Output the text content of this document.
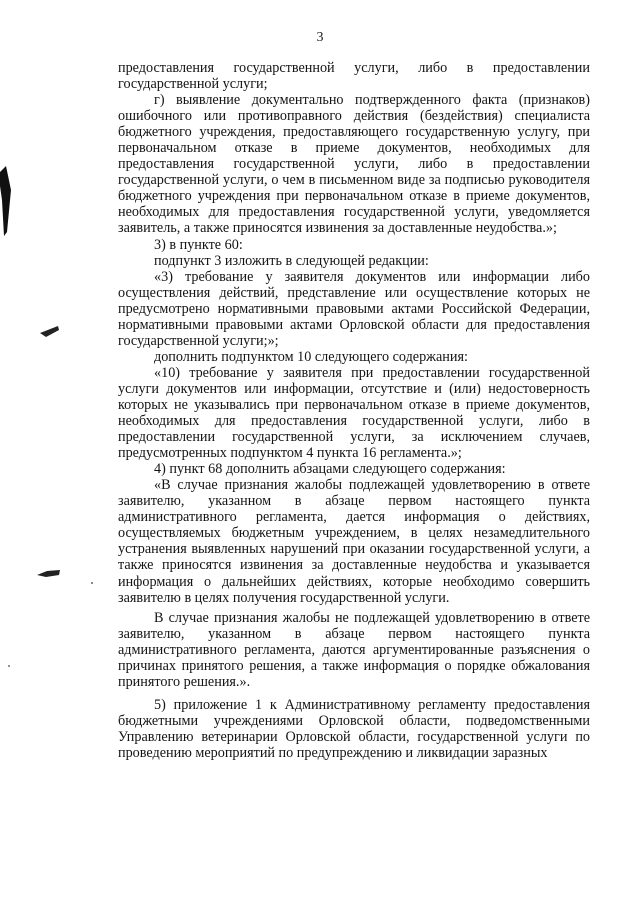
3

предоставления государственной услуги, либо в предоставлении государственной услуги;

г) выявление документально подтвержденного факта (признаков) ошибочного или противоправного действия (бездействия) специалиста бюджетного учреждения, предоставляющего государственную услугу, при первоначальном отказе в приеме документов, необходимых для предоставления государственной услуги, либо в предоставлении государственной услуги, о чем в письменном виде за подписью руководителя бюджетного учреждения при первоначальном отказе в приеме документов, необходимых для предоставления государственной услуги, уведомляется заявитель, а также приносятся извинения за доставленные неудобства.»;

3) в пункте 60:

подпункт 3 изложить в следующей редакции:

«3) требование у заявителя документов или информации либо осуществления действий, представление или осуществление которых не предусмотрено нормативными правовыми актами Российской Федерации, нормативными правовыми актами Орловской области для предоставления государственной услуги;»;

дополнить подпунктом 10 следующего содержания:

«10) требование у заявителя при предоставлении государственной услуги документов или информации, отсутствие и (или) недостоверность которых не указывались при первоначальном отказе в приеме документов, необходимых для предоставления государственной услуги, либо в предоставлении государственной услуги, за исключением случаев, предусмотренных подпунктом 4 пункта 16 регламента.»;

4) пункт 68 дополнить абзацами следующего содержания:

«В случае признания жалобы подлежащей удовлетворению в ответе заявителю, указанном в абзаце первом настоящего пункта административного регламента, дается информация о действиях, осуществляемых бюджетным учреждением, в целях незамедлительного устранения выявленных нарушений при оказании государственной услуги, а также приносятся извинения за доставленные неудобства и указывается информация о дальнейших действиях, которые необходимо совершить заявителю в целях получения государственной услуги.

В случае признания жалобы не подлежащей удовлетворению в ответе заявителю, указанном в абзаце первом настоящего пункта административного регламента, даются аргументированные разъяснения о причинах принятого решения, а также информация о порядке обжалования принятого решения.».

5) приложение 1 к Административному регламенту предоставления бюджетными учреждениями Орловской области, подведомственными Управлению ветеринарии Орловской области, государственной услуги по проведению мероприятий по предупреждению и ликвидации заразных
